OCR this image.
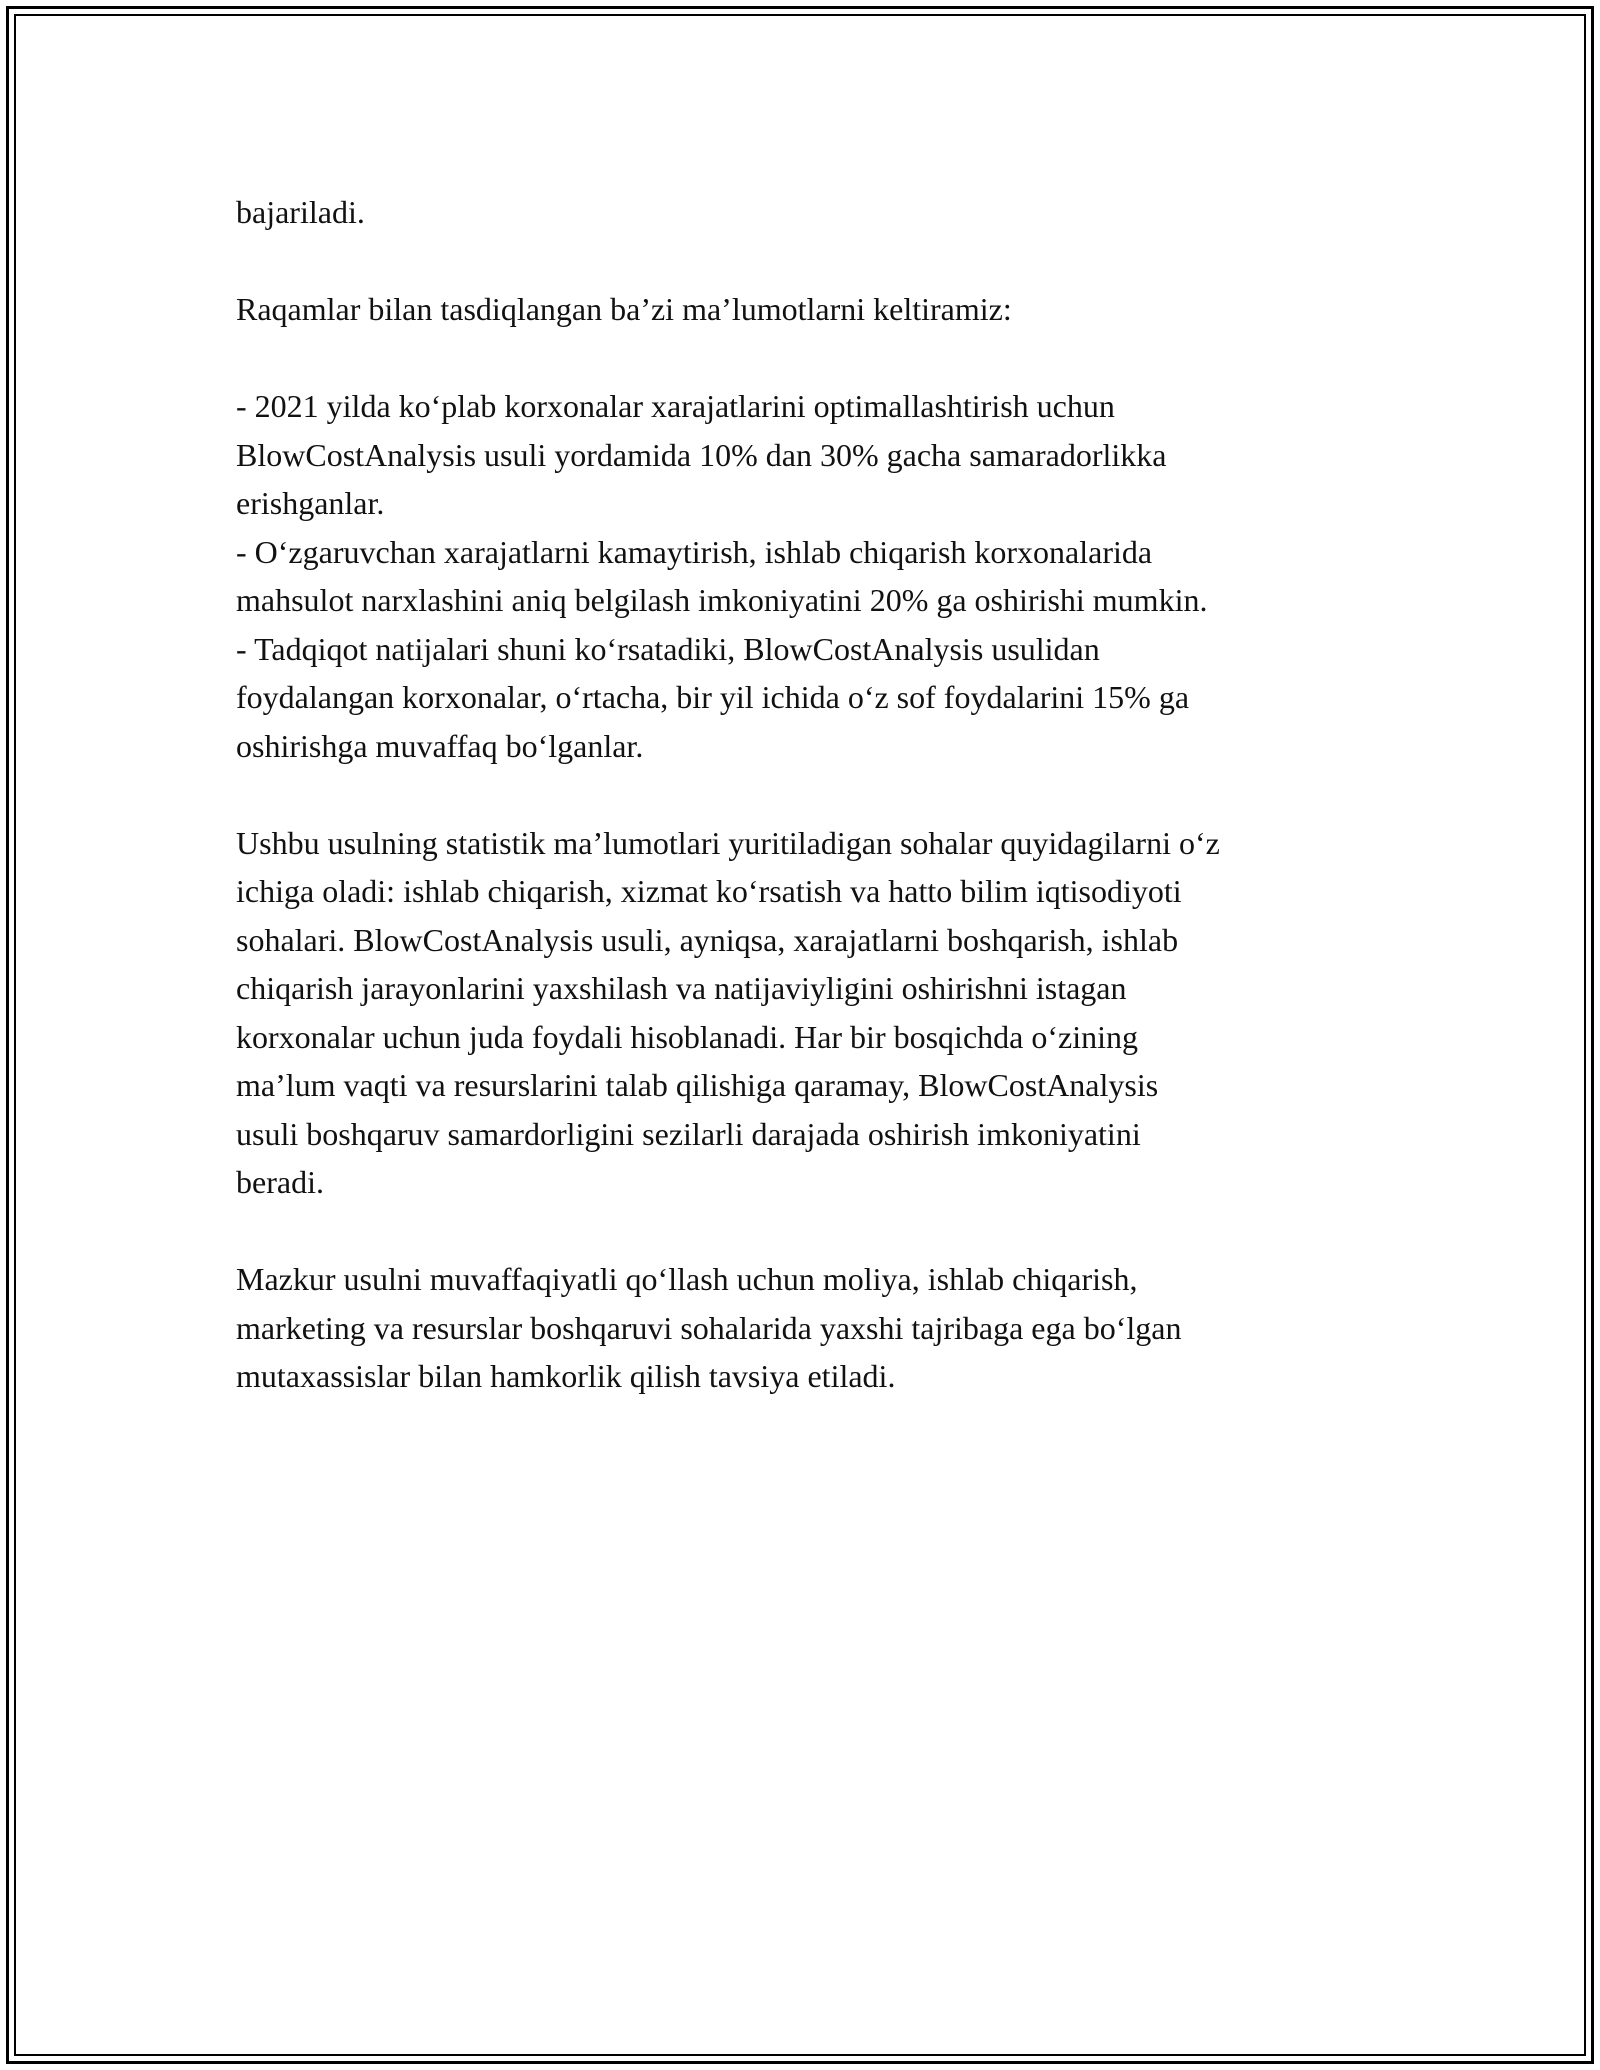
bajariladi.

Raqamlar bilan tasdiqlangan ba’zi ma’lumotlarni keltiramiz:

- 2021 yilda ko‘plab korxonalar xarajatlarini optimallashtirish uchun
BlowCostAnalysis usuli yordamida 10% dan 30% gacha samaradorlikka
erishganlar.
- O‘zgaruvchan xarajatlarni kamaytirish, ishlab chiqarish korxonalarida
mahsulot narxlashini aniq belgilash imkoniyatini 20% ga oshirishi mumkin.
- Tadqiqot natijalari shuni ko‘rsatadiki, BlowCostAnalysis usulidan
foydalangan korxonalar, o‘rtacha, bir yil ichida o‘z sof foydalarini 15% ga
oshirishga muvaffaq bo‘lganlar.

Ushbu usulning statistik ma’lumotlari yuritiladigan sohalar quyidagilarni o‘z
ichiga oladi: ishlab chiqarish, xizmat ko‘rsatish va hatto bilim iqtisodiyoti
sohalari. BlowCostAnalysis usuli, ayniqsa, xarajatlarni boshqarish, ishlab
chiqarish jarayonlarini yaxshilash va natijaviyligini oshirishni istagan
korxonalar uchun juda foydali hisoblanadi. Har bir bosqichda o‘zining
ma’lum vaqti va resurslarini talab qilishiga qaramay, BlowCostAnalysis
usuli boshqaruv samardorligini sezilarli darajada oshirish imkoniyatini
beradi.

Mazkur usulni muvaffaqiyatli qo‘llash uchun moliya, ishlab chiqarish,
marketing va resurslar boshqaruvi sohalarida yaxshi tajribaga ega bo‘lgan
mutaxassislar bilan hamkorlik qilish tavsiya etiladi.
